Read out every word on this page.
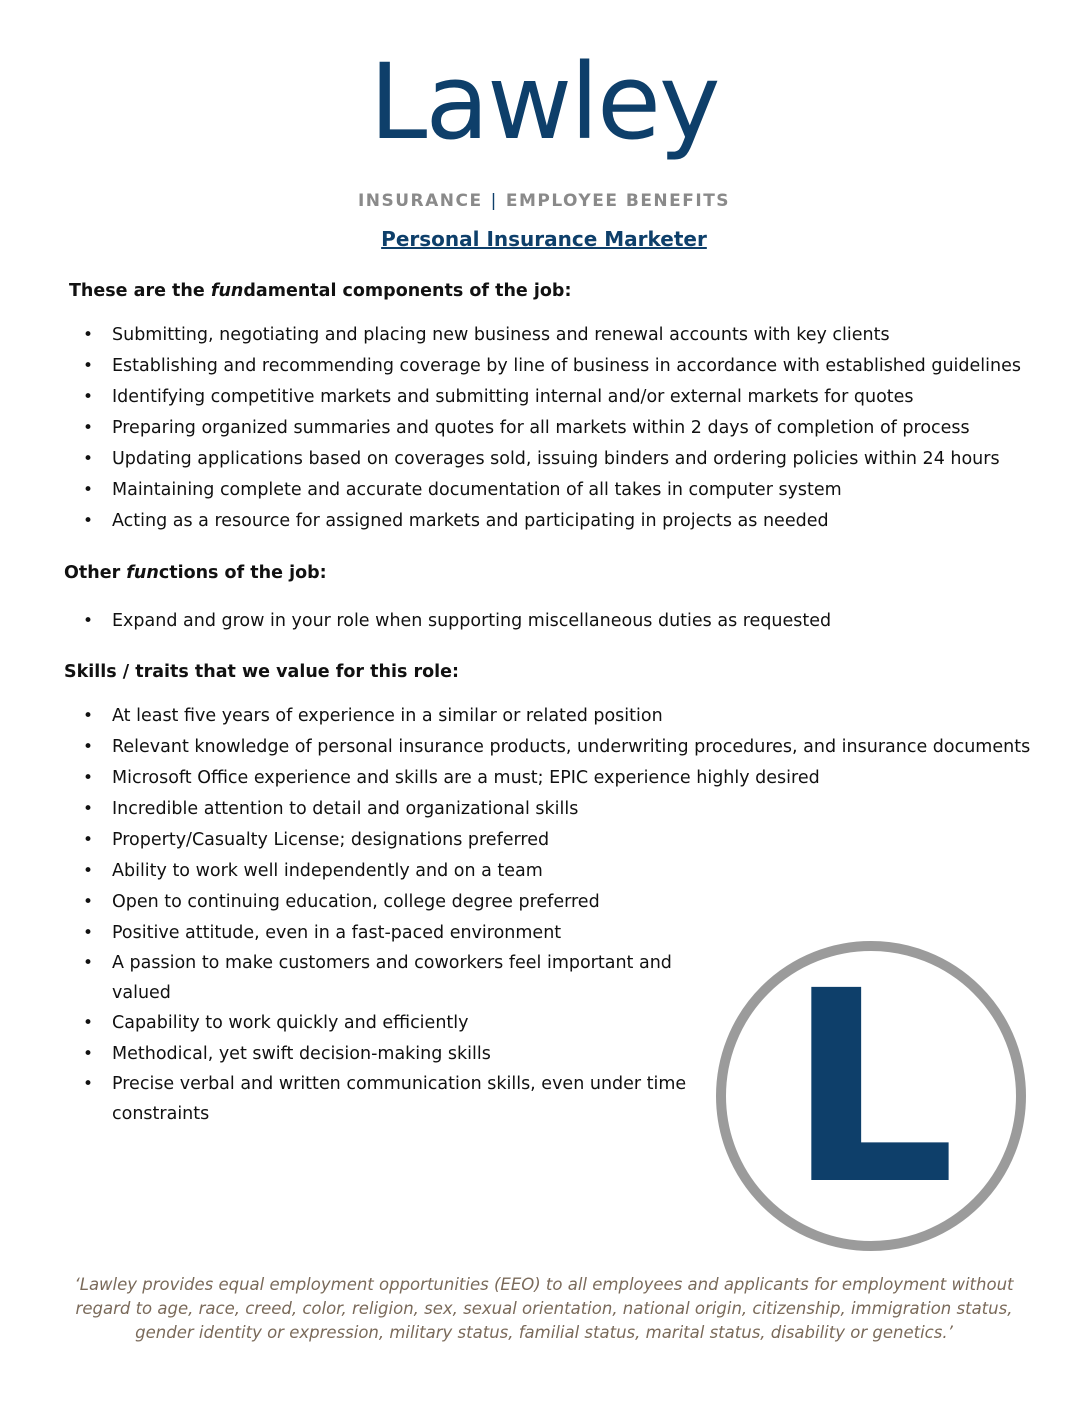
Lawley
INSURANCE | EMPLOYEE BENEFITS
Personal Insurance Marketer
These are the fundamental components of the job:
• Submitting, negotiating and placing new business and renewal accounts with key clients
• Establishing and recommending coverage by line of business in accordance with established guidelines
• Identifying competitive markets and submitting internal and/or external markets for quotes
• Preparing organized summaries and quotes for all markets within 2 days of completion of process
• Updating applications based on coverages sold, issuing binders and ordering policies within 24 hours
• Maintaining complete and accurate documentation of all takes in computer system
• Acting as a resource for assigned markets and participating in projects as needed
Other functions of the job:
• Expand and grow in your role when supporting miscellaneous duties as requested
Skills / traits that we value for this role:
• At least five years of experience in a similar or related position
• Relevant knowledge of personal insurance products, underwriting procedures, and insurance documents
• Microsoft Office experience and skills are a must; EPIC experience highly desired
• Incredible attention to detail and organizational skills
• Property/Casualty License; designations preferred
• Ability to work well independently and on a team
• Open to continuing education, college degree preferred
• Positive attitude, even in a fast-paced environment
• A passion to make customers and coworkers feel important and valued
• Capability to work quickly and efficiently
• Methodical, yet swift decision-making skills
• Precise verbal and written communication skills, even under time constraints	L
‘Lawley provides equal employment opportunities (EEO) to all employees and applicants for employment without regard to age, race, creed, color, religion, sex, sexual orientation, national origin, citizenship, immigration status, gender identity or expression, military status, familial status, marital status, disability or genetics.’
